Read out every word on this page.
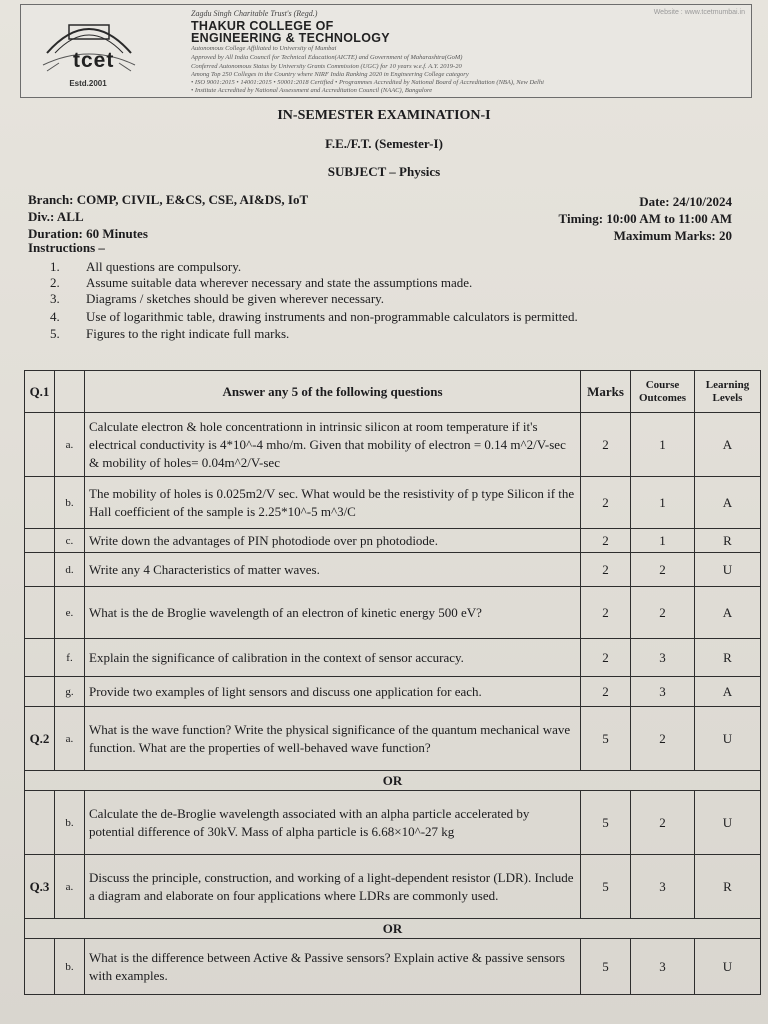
tcet
Estd.2001
Zagdu Singh Charitable Trust's (Regd.)
THAKUR COLLEGE OF
ENGINEERING & TECHNOLOGY
Autonomous College Affiliated to University of Mumbai
Approved by All India Council for Technical Education(AICTE) and Government of Maharashtra(GoM)
Conferred Autonomous Status by University Grants Commission (UGC) for 10 years w.e.f. A.Y. 2019-20
Among Top 250 Colleges in the Country where NIRF India Ranking 2020 in Engineering College category
• ISO 9001:2015 • 14001:2015 • 50001:2018 Certified • Programmes Accredited by National Board of Accreditation (NBA), New Delhi
• Institute Accredited by National Assessment and Accreditation Council (NAAC), Bangalore
Website : www.tcetmumbai.in
IN-SEMESTER EXAMINATION-I
F.E./F.T. (Semester-I)
SUBJECT – Physics
Branch: COMP, CIVIL, E&CS, CSE, AI&DS, IoT
Div.: ALL
Duration: 60 Minutes
Date: 24/10/2024
Timing: 10:00 AM to 11:00 AM
Maximum Marks: 20
Instructions –
1. All questions are compulsory.
2. Assume suitable data wherever necessary and state the assumptions made.
3. Diagrams / sketches should be given wherever necessary.
4. Use of logarithmic table, drawing instruments and non-programmable calculators is permitted.
5. Figures to the right indicate full marks.
Q.1		Answer any 5 of the following questions	Marks	Course Outcomes	Learning Levels
	a.	Calculate electron & hole concentrationn in intrinsic silicon at room temperature if it's electrical conductivity is 4*10^-4 mho/m. Given that mobility of electron = 0.14 m^2/V-sec & mobility of holes= 0.04m^2/V-sec	2	1	A
	b.	The mobility of holes is 0.025m2/V sec. What would be the resistivity of p type Silicon if the Hall coefficient of the sample is 2.25*10^-5 m^3/C	2	1	A
	c.	Write down the advantages of PIN photodiode over pn photodiode.	2	1	R
	d.	Write any 4 Characteristics of matter waves.	2	2	U
	e.	What is the de Broglie wavelength of an electron of kinetic energy 500 eV?	2	2	A
	f.	Explain the significance of calibration in the context of sensor accuracy.	2	3	R
	g.	Provide two examples of light sensors and discuss one application for each.	2	3	A
Q.2	a.	What is the wave function? Write the physical significance of the quantum mechanical wave function. What are the properties of well-behaved wave function?	5	2	U
OR					
	b.	Calculate the de-Broglie wavelength associated with an alpha particle accelerated by potential difference of 30kV. Mass of alpha particle is 6.68×10^-27 kg	5	2	U
Q.3	a.	Discuss the principle, construction, and working of a light-dependent resistor (LDR). Include a diagram and elaborate on four applications where LDRs are commonly used.	5	3	R
OR					
	b.	What is the difference between Active & Passive sensors? Explain active & passive sensors with examples.	5	3	U
